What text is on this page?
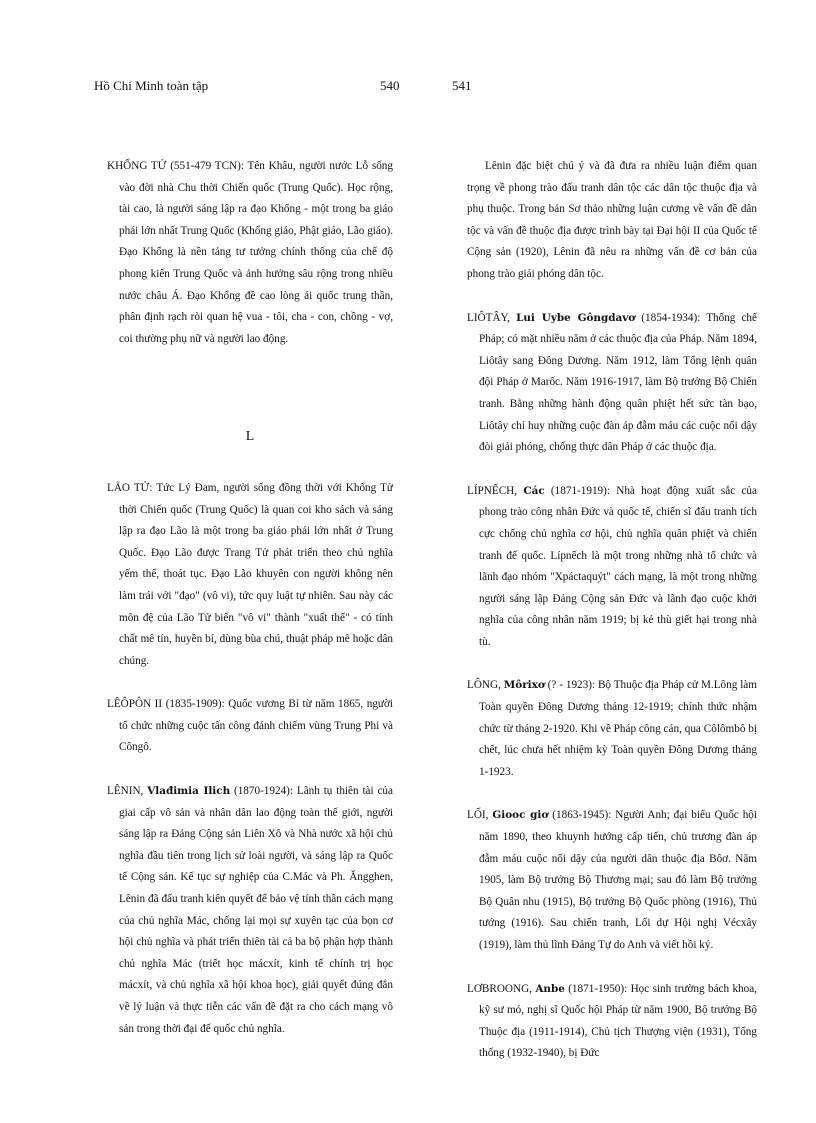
Hồ Chí Minh toàn tập	540	541

KHỔNG TỬ (551-479 TCN): Tên Khâu, người nước Lỗ sống vào đời nhà Chu thời Chiến quốc (Trung Quốc). Học rộng, tài cao, là người sáng lập ra đạo Khổng - một trong ba giáo phái lớn nhất Trung Quốc (Khổng giáo, Phật giáo, Lão giáo). Đạo Khổng là nền tảng tư tưởng chính thống của chế độ phong kiến Trung Quốc và ảnh hưởng sâu rộng trong nhiều nước châu Á. Đạo Khổng đề cao lòng ái quốc trung thần, phân định rạch ròi quan hệ vua - tôi, cha - con, chồng - vợ, coi thường phụ nữ và người lao động.

L

LÃO TỬ: Tức Lý Đam, người sống đồng thời với Khổng Tử thời Chiến quốc (Trung Quốc) là quan coi kho sách và sáng lập ra đạo Lão là một trong ba giáo phái lớn nhất ở Trung Quốc. Đạo Lão được Trang Tử phát triển theo chủ nghĩa yếm thế, thoát tục. Đạo Lão khuyên con người không nên làm trái với "đạo" (vô vi), tức quy luật tự nhiên. Sau này các môn đệ của Lão Tử biến "vô vi" thành "xuất thế" - có tính chất mê tín, huyền bí, dùng bùa chú, thuật pháp mê hoặc dân chúng.

LÊÔPÔN II (1835-1909): Quốc vương Bỉ từ năm 1865, người tổ chức những cuộc tấn công đánh chiếm vùng Trung Phi và Côngô.

LÊNIN, Vlađimia Ilich (1870-1924): Lãnh tụ thiên tài của giai cấp vô sản và nhân dân lao động toàn thế giới, người sáng lập ra Đảng Cộng sản Liên Xô và Nhà nước xã hội chủ nghĩa đầu tiên trong lịch sử loài người, và sáng lập ra Quốc tế Cộng sản. Kế tục sự nghiệp của C.Mác và Ph. Ăngghen, Lênin đã đấu tranh kiên quyết để bảo vệ tính thần cách mạng của chủ nghĩa Mác, chống lại mọi sự xuyên tạc của bọn cơ hội chủ nghĩa và phát triển thiên tài cả ba bộ phận hợp thành chủ nghĩa Mác (triết học mácxít, kinh tế chính trị học mácxít, và chủ nghĩa xã hội khoa học), giải quyết đúng đắn về lý luận và thực tiễn các vấn đề đặt ra cho cách mạng vô sản trong thời đại đế quốc chủ nghĩa.

Lênin đặc biệt chú ý và đã đưa ra nhiều luận điểm quan trọng về phong trào đấu tranh dân tộc các dân tộc thuộc địa và phụ thuộc. Trong bản Sơ thảo những luận cương về vấn đề dân tộc và vấn đề thuộc địa được trình bày tại Đại hội II của Quốc tế Cộng sản (1920), Lênin đã nêu ra những vấn đề cơ bản của phong trào giải phóng dân tộc.

LIÔTÂY, Lui Uybe Gôngdavơ (1854-1934): Thống chế Pháp; có mặt nhiều năm ở các thuộc địa của Pháp. Năm 1894, Liôtây sang Đông Dương. Năm 1912, làm Tổng lệnh quân đội Pháp ở Marốc. Năm 1916-1917, làm Bộ trưởng Bộ Chiến tranh. Bằng những hành động quân phiệt hết sức tàn bạo, Liôtây chỉ huy những cuộc đàn áp đẫm máu các cuộc nổi dậy đòi giải phóng, chống thực dân Pháp ở các thuộc địa.

LÍPNẾCH, Các (1871-1919): Nhà hoạt động xuất sắc của phong trào công nhân Đức và quốc tế, chiến sĩ đấu tranh tích cực chống chủ nghĩa cơ hội, chủ nghĩa quân phiệt và chiến tranh đế quốc. Lípnếch là một trong những nhà tổ chức và lãnh đạo nhóm "Xpáctaquýt" cách mạng, là một trong những người sáng lập Đảng Cộng sản Đức và lãnh đạo cuộc khởi nghĩa của công nhân năm 1919; bị kẻ thù giết hại trong nhà tù.

LÔNG, Môrixơ (? - 1923): Bộ Thuộc địa Pháp cử M.Lông làm Toàn quyền Đông Dương tháng 12-1919; chính thức nhậm chức từ tháng 2-1920. Khi về Pháp công cán, qua Côlômbô bị chết, lúc chưa hết nhiệm kỳ Toàn quyền Đông Dương tháng 1-1923.

LỐI, Giooc giơ (1863-1945): Người Anh; đại biểu Quốc hội năm 1890, theo khuynh hướng cấp tiến, chủ trương đàn áp đẫm máu cuộc nổi dậy của người dân thuộc địa Bôơ. Năm 1905, làm Bộ trưởng Bộ Thương mại; sau đó làm Bộ trưởng Bộ Quân nhu (1915), Bộ trưởng Bộ Quốc phòng (1916), Thủ tướng (1916). Sau chiến tranh, Lối dự Hội nghị Vécxây (1919), làm thủ lĩnh Đảng Tự do Anh và viết hồi ký.

LƠBROONG, Anbe (1871-1950): Học sinh trường bách khoa, kỹ sư mỏ, nghị sĩ Quốc hội Pháp từ năm 1900, Bộ trưởng Bộ Thuộc địa (1911-1914), Chủ tịch Thượng viện (1931), Tổng thống (1932-1940), bị Đức
